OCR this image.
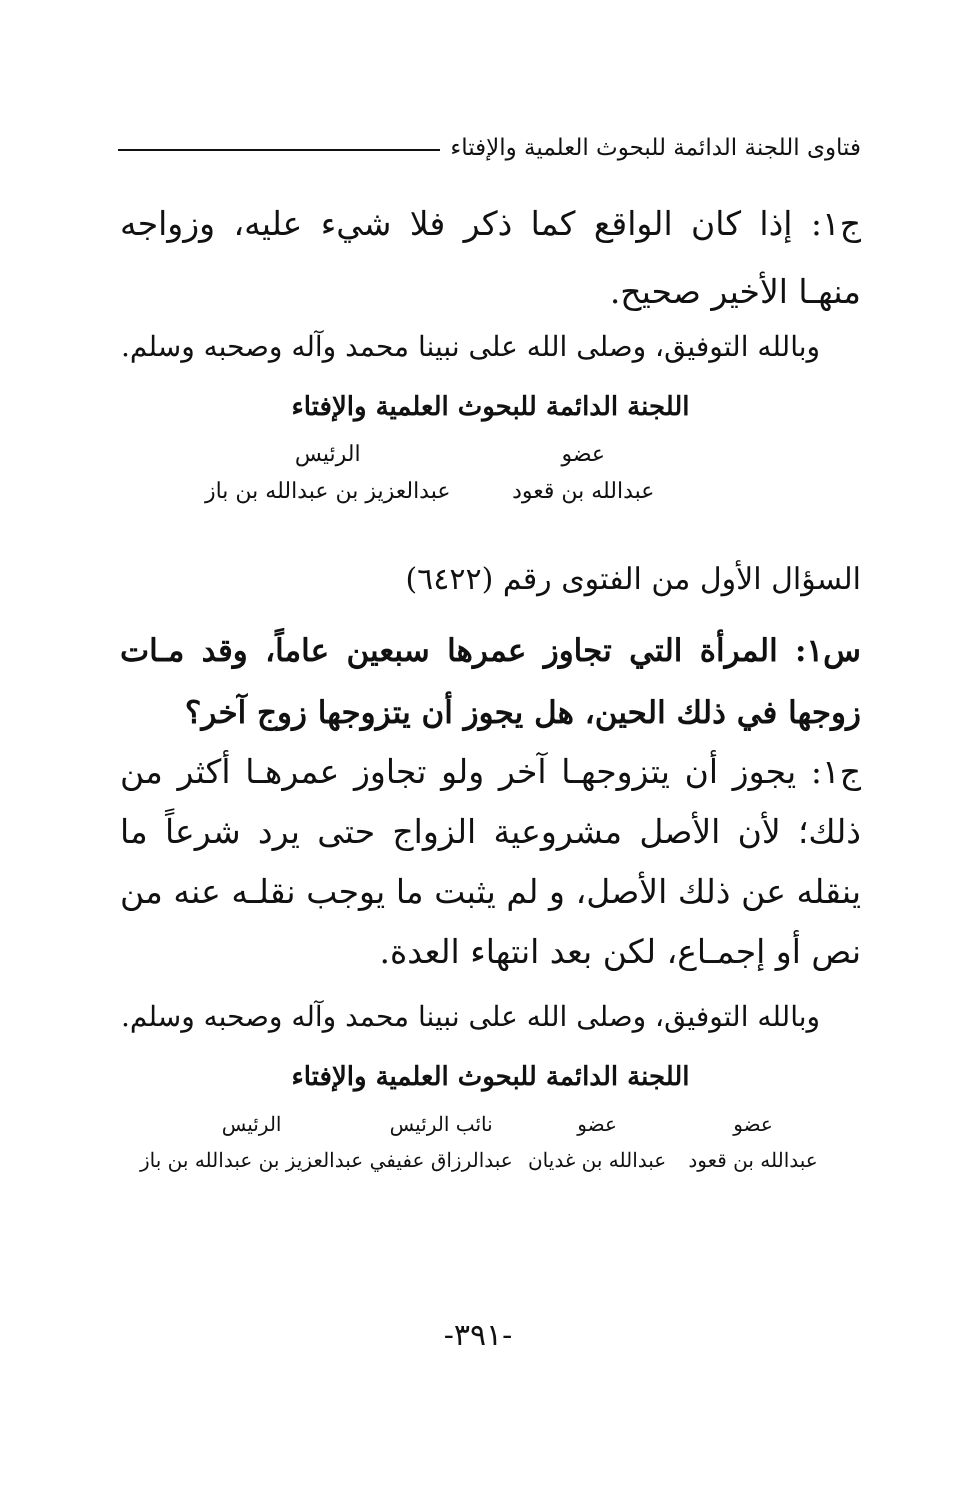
فتاوى اللجنة الدائمة للبحوث العلمية والإفتاء
ج١: إذا كان الواقع كما ذكر فلا شيء عليه، وزواجه منهـا الأخير صحيح.
وبالله التوفيق، وصلى الله على نبينا محمد وآله وصحبه وسلم.
اللجنة الدائمة للبحوث العلمية والإفتاء
عضو
الرئيس
عبدالله بن قعود
عبدالعزيز بن عبدالله بن باز
السؤال الأول من الفتوى رقم (٦٤٢٢)
س١: المرأة التي تجاوز عمرها سبعين عاماً، وقد مـات زوجها في ذلك الحين، هل يجوز أن يتزوجها زوج آخر؟
ج١: يجوز أن يتزوجهـا آخر ولو تجاوز عمرهـا أكثر من ذلك؛ لأن الأصل مشروعية الزواج حتى يرد شرعاً ما ينقله عن ذلك الأصل، و لم يثبت ما يوجب نقلـه عنه من نص أو إجمـاع، لكن بعد انتهاء العدة.
وبالله التوفيق، وصلى الله على نبينا محمد وآله وصحبه وسلم.
اللجنة الدائمة للبحوث العلمية والإفتاء
عضو
عضو
نائب الرئيس
الرئيس
عبدالله بن قعود
عبدالله بن غديان
عبدالرزاق عفيفي
عبدالعزيز بن عبدالله بن باز
-٣٩١-
